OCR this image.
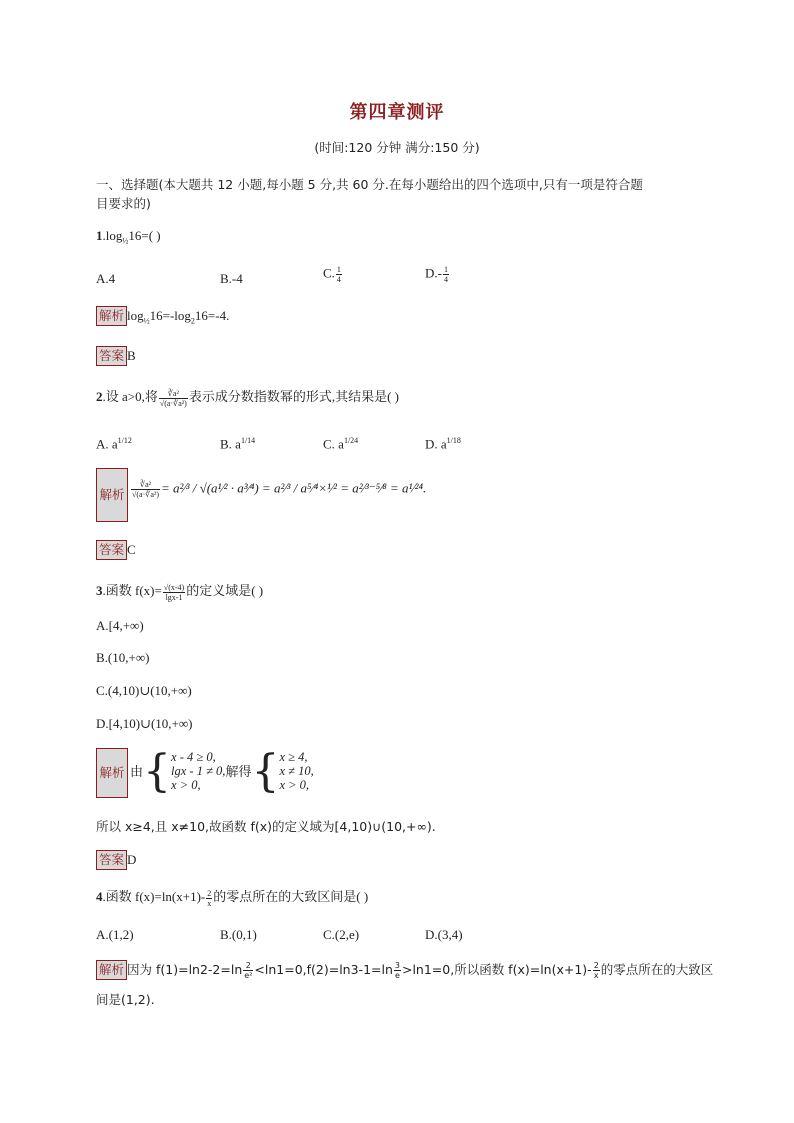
第四章测评
(时间:120 分钟 满分:150 分)
一、选择题(本大题共 12 小题,每小题 5 分,共 60 分.在每小题给出的四个选项中,只有一项是符合题
目要求的)
$1.\log_{\frac{1}{2}}16=$( )
A.4	B.-4	C. $\frac{1}{4}$	$D.- \frac{1}{4}$
解析 $\log_{\frac{1}{2}}16=-\log_216=-4$.
答案 B
2.设 a>0,将 $\frac{\text{∛a²}}{\text{√(a·∛a²)}}$ 表示成分数指数幂的形式,其结果是( )
A. $a^{1/12}$	B. $a^{1/14}$	C. $a^{1/24}$	D. $a^{1/18}$
解析 $\frac{\text{∛a²}}{\text{√(a·∛a²)}}$ = a²⁄³ / √(a¹⁄² · a³⁄⁴) = a²⁄³ / a⁵⁄⁴×¹⁄² = a²⁄³⁻⁵⁄⁸ = a¹⁄²⁴.
答案 C
3.函数 $f(x)= \frac{√(x-4)}{\lg x-1}$ 的定义域是( )
A.[4,+∞)
B.(10,+∞)
C.(4,10)∪(10,+∞)
D.[4,10)∪(10,+∞)
解析 由{ x - 4 ≥ 0,
lgx - 1 ≠ 0,
x > 0,
解得{ x ≥ 4,
x ≠ 10,
x > 0,
所以 x≥4,且 x≠10,故函数 f(x)的定义域为[4,10)∪(10,+∞).
答案 D
4.函数 $f(x)=\ln(x+1)- \frac{2}{x}$ 的零点所在的大致区间是( )
A.(1,2)	B.(0,1)	C.(2,e)	D.(3,4)
解析 因为 $f(1)=\ln 2-2=\ln \frac{2}{\text{e²}} <\ln 1=0,f(2)=\ln 3-1=\ln \frac{3}{e} >\ln 1=0$,所以函数 $f(x)=\ln(x+1)- \frac{2}{x}$ 的零点所在的大致区
间是(1,2).
